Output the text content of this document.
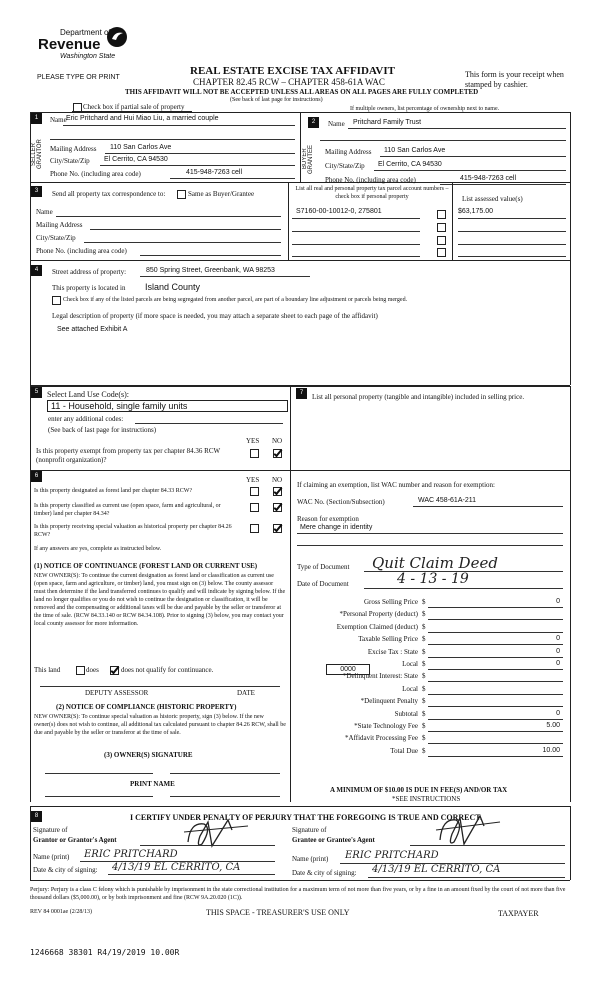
Department of
Revenue
Washington State
PLEASE TYPE OR PRINT
REAL ESTATE EXCISE TAX AFFIDAVIT
CHAPTER 82.45 RCW – CHAPTER 458-61A WAC
THIS AFFIDAVIT WILL NOT BE ACCEPTED UNLESS ALL AREAS ON ALL PAGES ARE FULLY COMPLETED
(See back of last page for instructions)
This form is your receipt when stamped by cashier.
Check box if partial sale of property	If multiple owners, list percentage of ownership next to name.
1
SELLER GRANTOR
Name Eric Pritchard and Hui Miao Liu, a married couple
Mailing Address 110 San Carlos Ave
City/State/Zip El Cerrito, CA 94530
Phone No. (including area code)	415-948-7263 cell
2
BUYER GRANTEE
Name Pritchard Family Trust
Mailing Address 110 San Carlos Ave
City/State/Zip El Cerrito, CA 94530
Phone No. (including area code)	415-948-7263 cell
3	Send all property tax correspondence to:	Same as Buyer/Grantee
Name
Mailing Address
City/State/Zip
Phone No. (including area code)
List all real and personal property tax parcel account numbers – check box if personal property	List assessed value(s)
S7160-00-10012-0, 275801	$63,175.00
4	Street address of property:	850 Spring Street, Greenbank, WA 98253
This property is located in Island County
Check box if any of the listed parcels are being segregated from another parcel, are part of a boundary line adjustment or parcels being merged.
Legal description of property (if more space is needed, you may attach a separate sheet to each page of the affidavit)
See attached Exhibit A
5	Select Land Use Code(s):
11 - Household, single family units
enter any additional codes:
(See back of last page for instructions)
YES NO
Is this property exempt from property tax per chapter 84.36 RCW (nonprofit organization)?
7	List all personal property (tangible and intangible) included in selling price.
6	YES NO
Is this property designated as forest land per chapter 84.33 RCW?
Is this property classified as current use (open space, farm and agricultural, or timber) land per chapter 84.34?
Is this property receiving special valuation as historical property per chapter 84.26 RCW?
If any answers are yes, complete as instructed below.
(1) NOTICE OF CONTINUANCE (FOREST LAND OR CURRENT USE)
NEW OWNER(S): To continue the current designation as forest land or classification as current use (open space, farm and agriculture, or timber) land, you must sign on (3) below. The county assessor must then determine if the land transferred continues to qualify and will indicate by signing below. If the land no longer qualifies or you do not wish to continue the designation or classification, it will be removed and the compensating or additional taxes will be due and payable by the seller or transferor at the time of sale. (RCW 84.33.140 or RCW 84.34.108). Prior to signing (3) below, you may contact your local county assessor for more information.
This land	does	does not qualify for continuance.
DEPUTY ASSESSOR	DATE
(2) NOTICE OF COMPLIANCE (HISTORIC PROPERTY)
NEW OWNER(S): To continue special valuation as historic property, sign (3) below. If the new owner(s) does not wish to continue, all additional tax calculated pursuant to chapter 84.26 RCW, shall be due and payable by the seller or transferor at the time of sale.
(3) OWNER(S) SIGNATURE
PRINT NAME
If claiming an exemption, list WAC number and reason for exemption:
WAC No. (Section/Subsection)	WAC 458-61A-211
Reason for exemption
Mere change in identity
Type of Document Quit Claim Deed
Date of Document	4 - 13 - 19
Gross Selling Price $	0
*Personal Property (deduct) $
Exemption Claimed (deduct) $
Taxable Selling Price $	0
Excise Tax : State $	0
Local $	0
*Delinquent Interest: State $
Local $
*Delinquent Penalty $
Subtotal $	0
*State Technology Fee $	5.00
*Affidavit Processing Fee $
Total Due $	10.00
0000
A MINIMUM OF $10.00 IS DUE IN FEE(S) AND/OR TAX
*SEE INSTRUCTIONS
8	I CERTIFY UNDER PENALTY OF PERJURY THAT THE FOREGOING IS TRUE AND CORRECT.
Signature of
Grantor or Grantor's Agent
Name (print) ERIC PRITCHARD
Date & city of signing: 4/13/19 EL CERRITO, CA
Signature of
Grantee or Grantee's Agent
Name (print) ERIC PRITCHARD
Date & city of signing: 4/13/19 EL CERRITO, CA
Perjury: Perjury is a class C felony which is punishable by imprisonment in the state correctional institution for a maximum term of not more than five years, or by a fine in an amount fixed by the court of not more than five thousand dollars ($5,000.00), or by both imprisonment and fine (RCW 9A.20.020 (1C)).
REV 84 0001ae (2/28/13)	THIS SPACE - TREASURER'S USE ONLY	TAXPAYER
1246668 38301 R4/19/2019 10.00R
